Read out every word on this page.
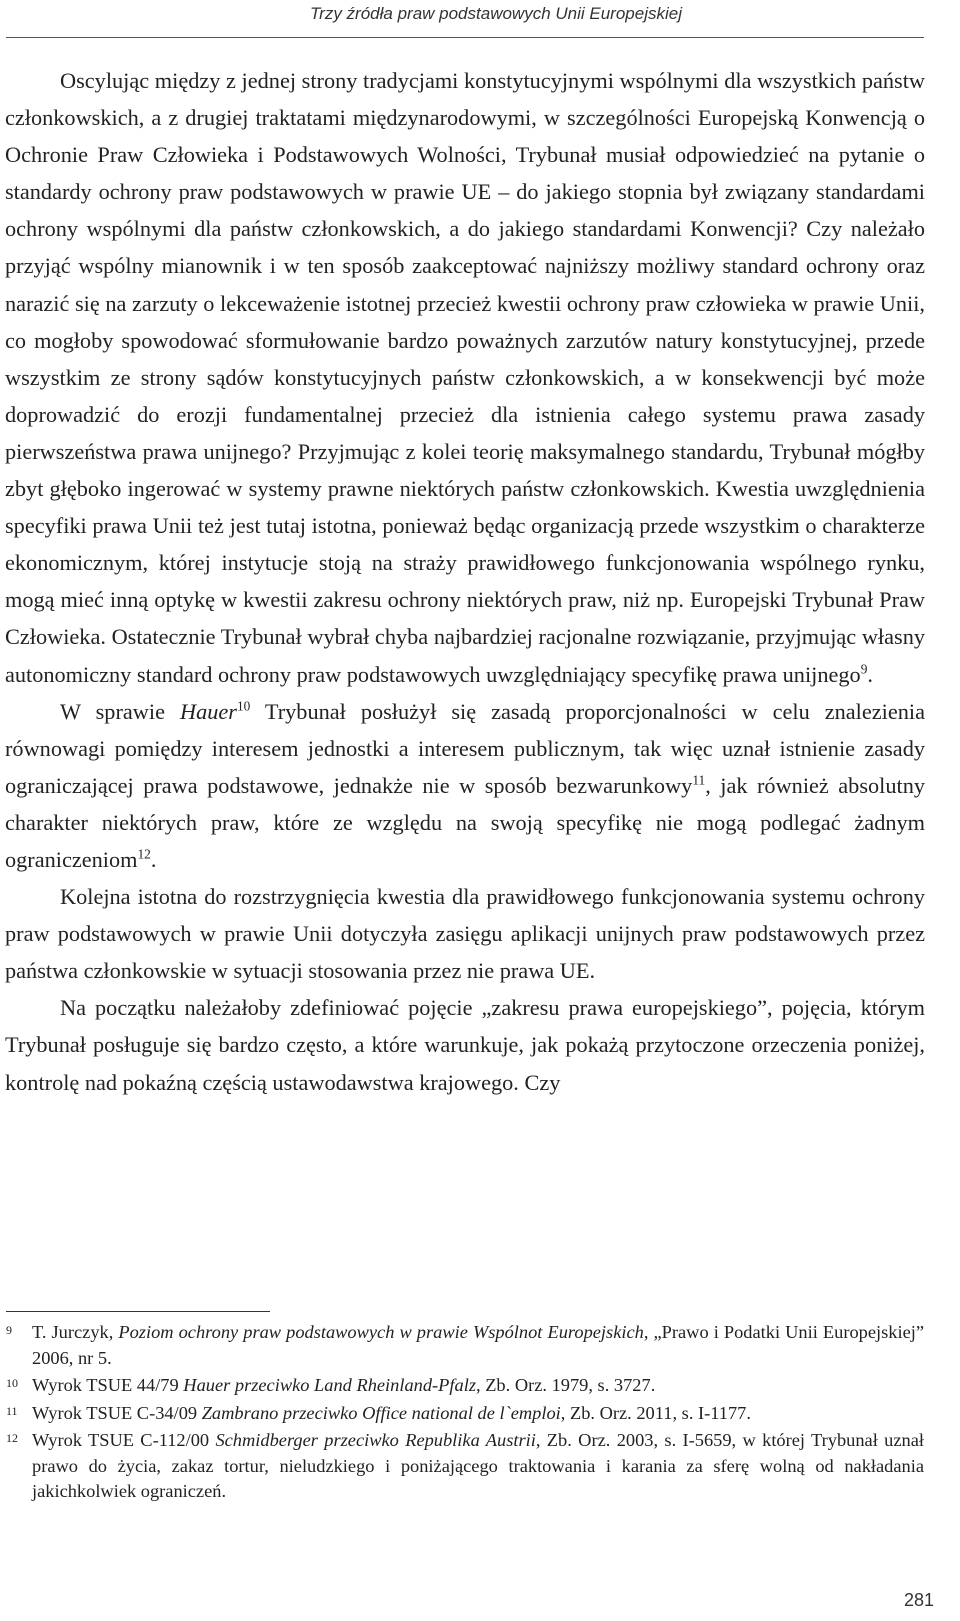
Trzy źródła praw podstawowych Unii Europejskiej

Oscylując między z jednej strony tradycjami konstytucyjnymi wspólnymi dla wszystkich państw członkowskich, a z drugiej traktatami międzynarodowymi, w szczególności Europejską Konwencją o Ochronie Praw Człowieka i Podstawowych Wolności, Trybunał musiał odpowiedzieć na pytanie o standardy ochrony praw podstawowych w prawie UE – do jakiego stopnia był związany standardami ochrony wspólnymi dla państw członkowskich, a do jakiego standardami Konwencji? Czy należało przyjąć wspólny mianownik i w ten sposób zaakceptować najniższy możliwy standard ochrony oraz narazić się na zarzuty o lekceważenie istotnej przecież kwestii ochrony praw człowieka w prawie Unii, co mogłoby spowodować sformułowanie bardzo poważnych zarzutów natury konstytucyjnej, przede wszystkim ze strony sądów konstytucyjnych państw członkowskich, a w konsekwencji być może doprowadzić do erozji fundamentalnej przecież dla istnienia całego systemu prawa zasady pierwszeństwa prawa unijnego? Przyjmując z kolei teorię maksymalnego standardu, Trybunał mógłby zbyt głęboko ingerować w systemy prawne niektórych państw członkowskich. Kwestia uwzględnienia specyfiki prawa Unii też jest tutaj istotna, ponieważ będąc organizacją przede wszystkim o charakterze ekonomicznym, której instytucje stoją na straży prawidłowego funkcjonowania wspólnego rynku, mogą mieć inną optykę w kwestii zakresu ochrony niektórych praw, niż np. Europejski Trybunał Praw Człowieka. Ostatecznie Trybunał wybrał chyba najbardziej racjonalne rozwiązanie, przyjmując własny autonomiczny standard ochrony praw podstawowych uwzględniający specyfikę prawa unijnego$^9$.

W sprawie Hauer$^{10}$ Trybunał posłużył się zasadą proporcjonalności w celu znalezienia równowagi pomiędzy interesem jednostki a interesem publicznym, tak więc uznał istnienie zasady ograniczającej prawa podstawowe, jednakże nie w sposób bezwarunkowy$^{11}$, jak również absolutny charakter niektórych praw, które ze względu na swoją specyfikę nie mogą podlegać żadnym ograniczeniom$^{12}$.

Kolejna istotna do rozstrzygnięcia kwestia dla prawidłowego funkcjonowania systemu ochrony praw podstawowych w prawie Unii dotyczyła zasięgu aplikacji unijnych praw podstawowych przez państwa członkowskie w sytuacji stosowania przez nie prawa UE.

Na początku należałoby zdefiniować pojęcie „zakresu prawa europejskiego”, pojęcia, którym Trybunał posługuje się bardzo często, a które warunkuje, jak pokażą przytoczone orzeczenia poniżej, kontrolę nad pokaźną częścią ustawodawstwa krajowego. Czy

9 T. Jurczyk, Poziom ochrony praw podstawowych w prawie Wspólnot Europejskich, „Prawo i Podatki Unii Europejskiej” 2006, nr 5.
10 Wyrok TSUE 44/79 Hauer przeciwko Land Rheinland-Pfalz, Zb. Orz. 1979, s. 3727.
11 Wyrok TSUE C-34/09 Zambrano przeciwko Office national de l`emploi, Zb. Orz. 2011, s. I-1177.
12 Wyrok TSUE C-112/00 Schmidberger przeciwko Republika Austrii, Zb. Orz. 2003, s. I-5659, w której Trybunał uznał prawo do życia, zakaz tortur, nieludzkiego i poniżającego traktowania i karania za sferę wolną od nakładania jakichkolwiek ograniczeń.
281
